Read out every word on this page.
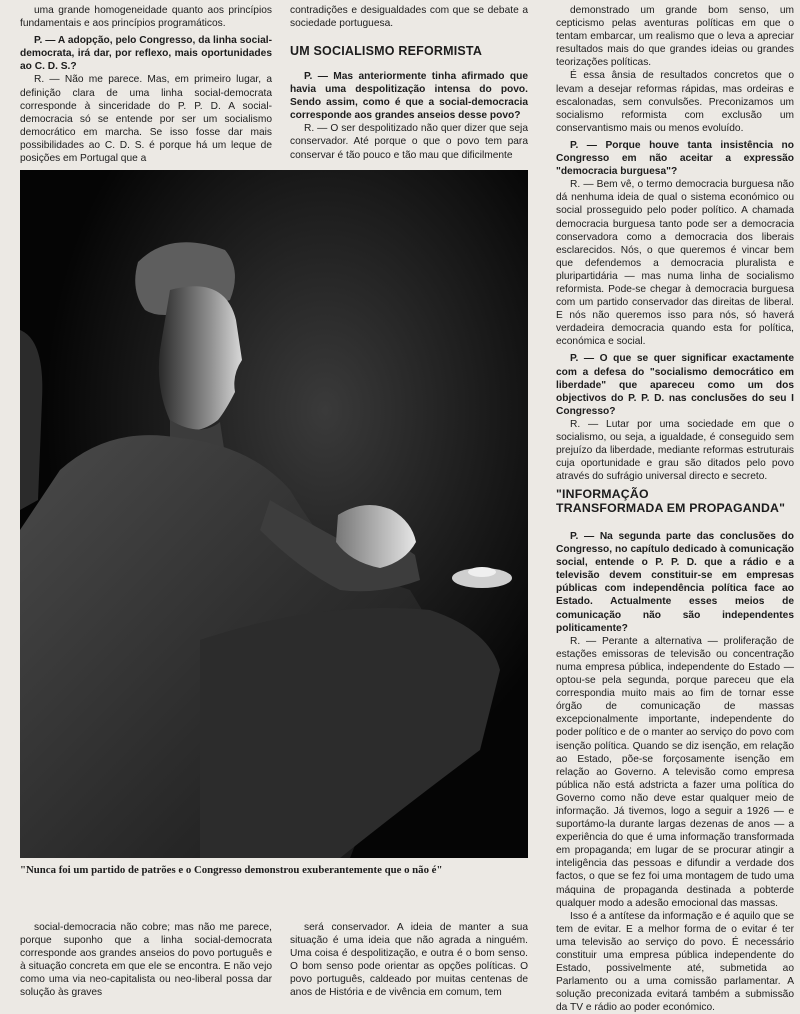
uma grande homogeneidade quanto aos princípios fundamentais e aos princípios programáticos.

P. — A adopção, pelo Congresso, da linha social-democrata, irá dar, por reflexo, mais oportunidades ao C. D. S.?

R. — Não me parece. Mas, em primeiro lugar, a definição clara de uma linha social-democrata corresponde à sinceridade do P. P. D. A social-democracia só se entende por ser um socialismo democrático em marcha. Se isso fosse dar mais possibilidades ao C. D. S. é porque há um leque de posições em Portugal que a

contradições e desigualdades com que se debate a sociedade portuguesa.

UM SOCIALISMO REFORMISTA

P. — Mas anteriormente tinha afirmado que havia uma despolitização intensa do povo. Sendo assim, como é que a social-democracia corresponde aos grandes anseios desse povo?

R. — O ser despolitizado não quer dizer que seja conservador. Até porque o que o povo tem para conservar é tão pouco e tão mau que dificilmente

"Nunca foi um partido de patrões e o Congresso demonstrou exuberantemente que o não é"

social-democracia não cobre; mas não me parece, porque suponho que a linha social-democrata corresponde aos grandes anseios do povo português e à situação concreta em que ele se encontra. E não vejo como uma via neo-capitalista ou neo-liberal possa dar solução às graves

será conservador. A ideia de manter a sua situação é uma ideia que não agrada a ninguém. Uma coisa é despolitização, e outra é o bom senso. O bom senso pode orientar as opções políticas. O povo português, caldeado por muitas centenas de anos de História e de vivência em comum, tem

demonstrado um grande bom senso, um cepticismo pelas aventuras políticas em que o tentam embarcar, um realismo que o leva a apreciar resultados mais do que grandes ideias ou grandes teorizações políticas.

É essa ânsia de resultados concretos que o levam a desejar reformas rápidas, mas ordeiras e escalonadas, sem convulsões. Preconizamos um socialismo reformista com exclusão um conservantismo mais ou menos evoluído.

P. — Porque houve tanta insistência no Congresso em não aceitar a expressão "democracia burguesa"?

R. — Bem vê, o termo democracia burguesa não dá nenhuma ideia de qual o sistema económico ou social prosseguido pelo poder político. A chamada democracia burguesa tanto pode ser a democracia conservadora como a democracia dos liberais esclarecidos. Nós, o que queremos é vincar bem que defendemos a democracia pluralista e pluripartidária — mas numa linha de socialismo reformista. Pode-se chegar à democracia burguesa com um partido conservador das direitas de liberal. E nós não queremos isso para nós, só haverá verdadeira democracia quando esta for política, económica e social.

P. — O que se quer significar exactamente com a defesa do "socialismo democrático em liberdade" que apareceu como um dos objectivos do P. P. D. nas conclusões do seu I Congresso?

R. — Lutar por uma sociedade em que o socialismo, ou seja, a igualdade, é conseguido sem prejuízo da liberdade, mediante reformas estruturais cuja oportunidade e grau são ditados pelo povo através do sufrágio universal directo e secreto.

"INFORMAÇÃO
TRANSFORMADA EM PROPAGANDA"

P. — Na segunda parte das conclusões do Congresso, no capítulo dedicado à comunicação social, entende o P. P. D. que a rádio e a televisão devem constituir-se em empresas públicas com independência política face ao Estado. Actualmente esses meios de comunicação não são independentes politicamente?

R. — Perante a alternativa — proliferação de estações emissoras de televisão ou concentração numa empresa pública, independente do Estado — optou-se pela segunda, porque pareceu que ela correspondia muito mais ao fim de tornar esse órgão de comunicação de massas excepcionalmente importante, independente do poder político e de o manter ao serviço do povo com isenção política. Quando se diz isenção, em relação ao Estado, põe-se forçosamente isenção em relação ao Governo. A televisão como empresa pública não está adstricta a fazer uma política do Governo como não deve estar qualquer meio de informação. Já tivemos, logo a seguir a 1926 — e suportámo-la durante largas dezenas de anos — a experiência do que é uma informação transformada em propaganda; em lugar de se procurar atingir a inteligência das pessoas e difundir a verdade dos factos, o que se fez foi uma montagem de tudo uma máquina de propaganda destinada a pobterde qualquer modo a adesão emocional das massas.

Isso é a antítese da informação e é aquilo que se tem de evitar. E a melhor forma de o evitar é ter uma televisão ao serviço do povo. É necessário constituir uma empresa pública independente do Estado, possivelmente até, submetida ao Parlamento ou a uma comissão parlamentar. A solução preconizada evitará também a submissão da TV e rádio ao poder económico.
